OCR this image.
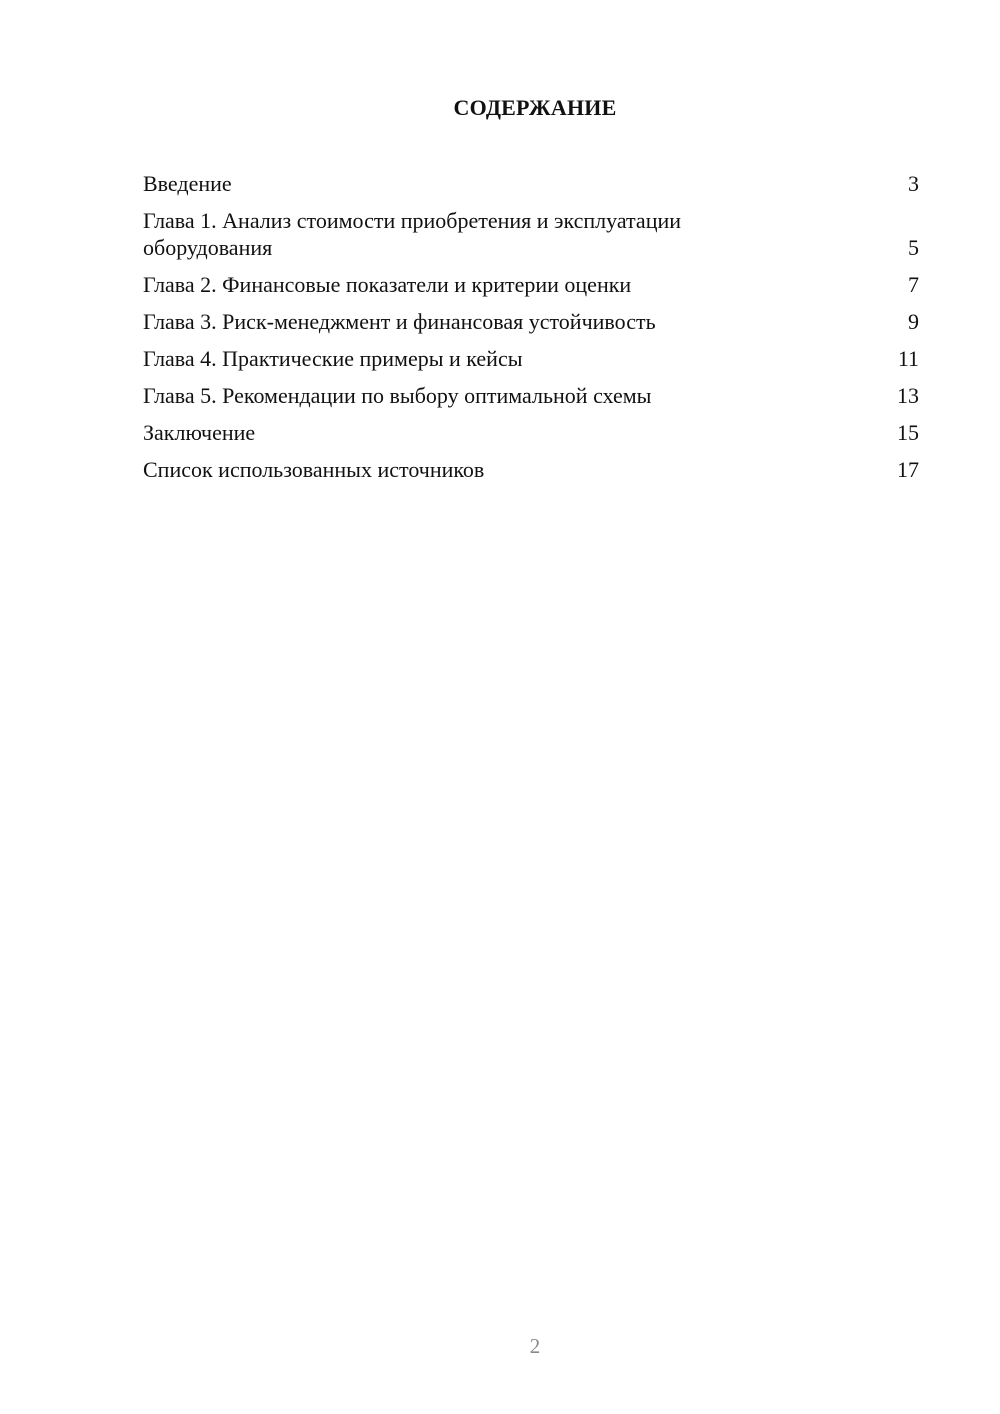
СОДЕРЖАНИЕ
Введение	3
Глава 1. Анализ стоимости приобретения и эксплуатации оборудования	5
Глава 2. Финансовые показатели и критерии оценки	7
Глава 3. Риск-менеджмент и финансовая устойчивость	9
Глава 4. Практические примеры и кейсы	11
Глава 5. Рекомендации по выбору оптимальной схемы	13
Заключение	15
Список использованных источников	17
2
